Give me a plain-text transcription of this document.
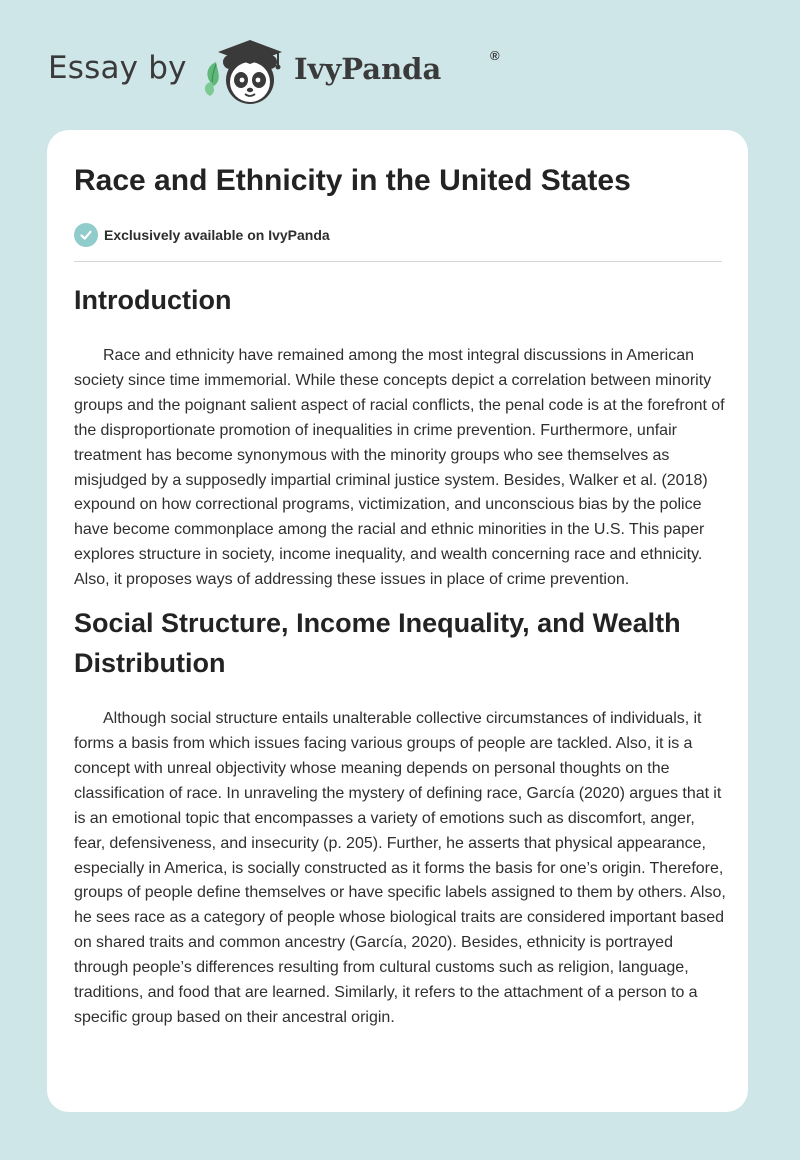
Essay by	IvyPanda	®
Race and Ethnicity in the United States
Exclusively available on IvyPanda
Introduction

Race and ethnicity have remained among the most integral discussions in American society since time immemorial. While these concepts depict a correlation between minority groups and the poignant salient aspect of racial conflicts, the penal code is at the forefront of the disproportionate promotion of inequalities in crime prevention. Furthermore, unfair treatment has become synonymous with the minority groups who see themselves as misjudged by a supposedly impartial criminal justice system. Besides, Walker et al. (2018) expound on how correctional programs, victimization, and unconscious bias by the police have become commonplace among the racial and ethnic minorities in the U.S. This paper explores structure in society, income inequality, and wealth concerning race and ethnicity. Also, it proposes ways of addressing these issues in place of crime prevention.

Social Structure, Income Inequality, and Wealth Distribution

Although social structure entails unalterable collective circumstances of individuals, it forms a basis from which issues facing various groups of people are tackled. Also, it is a concept with unreal objectivity whose meaning depends on personal thoughts on the classification of race. In unraveling the mystery of defining race, García (2020) argues that it is an emotional topic that encompasses a variety of emotions such as discomfort, anger, fear, defensiveness, and insecurity (p. 205). Further, he asserts that physical appearance, especially in America, is socially constructed as it forms the basis for one’s origin. Therefore, groups of people define themselves or have specific labels assigned to them by others. Also, he sees race as a category of people whose biological traits are considered important based on shared traits and common ancestry (García, 2020). Besides, ethnicity is portrayed through people’s differences resulting from cultural customs such as religion, language, traditions, and food that are learned. Similarly, it refers to the attachment of a person to a specific group based on their ancestral origin.
